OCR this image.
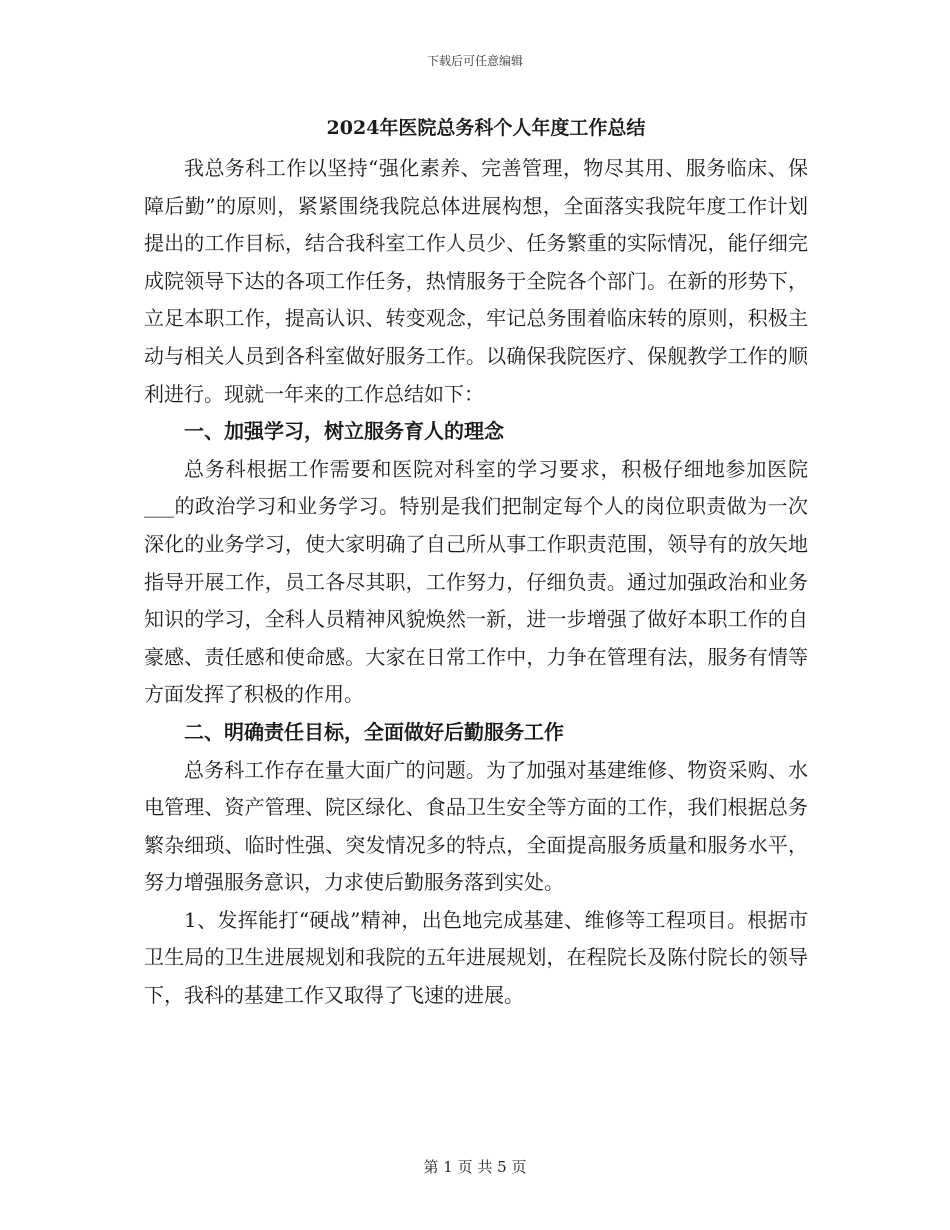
下载后可任意编辑
2024年医院总务科个人年度工作总结

我总务科工作以坚持“强化素养、完善管理，物尽其用、服务临床、保障后勤”的原则，紧紧围绕我院总体进展构想，全面落实我院年度工作计划提出的工作目标，结合我科室工作人员少、任务繁重的实际情况，能仔细完成院领导下达的各项工作任务，热情服务于全院各个部门。在新的形势下，立足本职工作，提高认识、转变观念，牢记总务围着临床转的原则，积极主动与相关人员到各科室做好服务工作。以确保我院医疗、保舰教学工作的顺利进行。现就一年来的工作总结如下：

一、加强学习，树立服务育人的理念

总务科根据工作需要和医院对科室的学习要求，积极仔细地参加医院___的政治学习和业务学习。特别是我们把制定每个人的岗位职责做为一次深化的业务学习，使大家明确了自己所从事工作职责范围，领导有的放矢地指导开展工作，员工各尽其职，工作努力，仔细负责。通过加强政治和业务知识的学习，全科人员精神风貌焕然一新，进一步增强了做好本职工作的自豪感、责任感和使命感。大家在日常工作中，力争在管理有法，服务有情等方面发挥了积极的作用。

二、明确责任目标，全面做好后勤服务工作

总务科工作存在量大面广的问题。为了加强对基建维修、物资采购、水电管理、资产管理、院区绿化、食品卫生安全等方面的工作，我们根据总务繁杂细琐、临时性强、突发情况多的特点，全面提高服务质量和服务水平，努力增强服务意识，力求使后勤服务落到实处。

1、发挥能打“硬战”精神，出色地完成基建、维修等工程项目。根据市卫生局的卫生进展规划和我院的五年进展规划，在程院长及陈付院长的领导下，我科的基建工作又取得了飞速的进展。

第 1 页 共 5 页
